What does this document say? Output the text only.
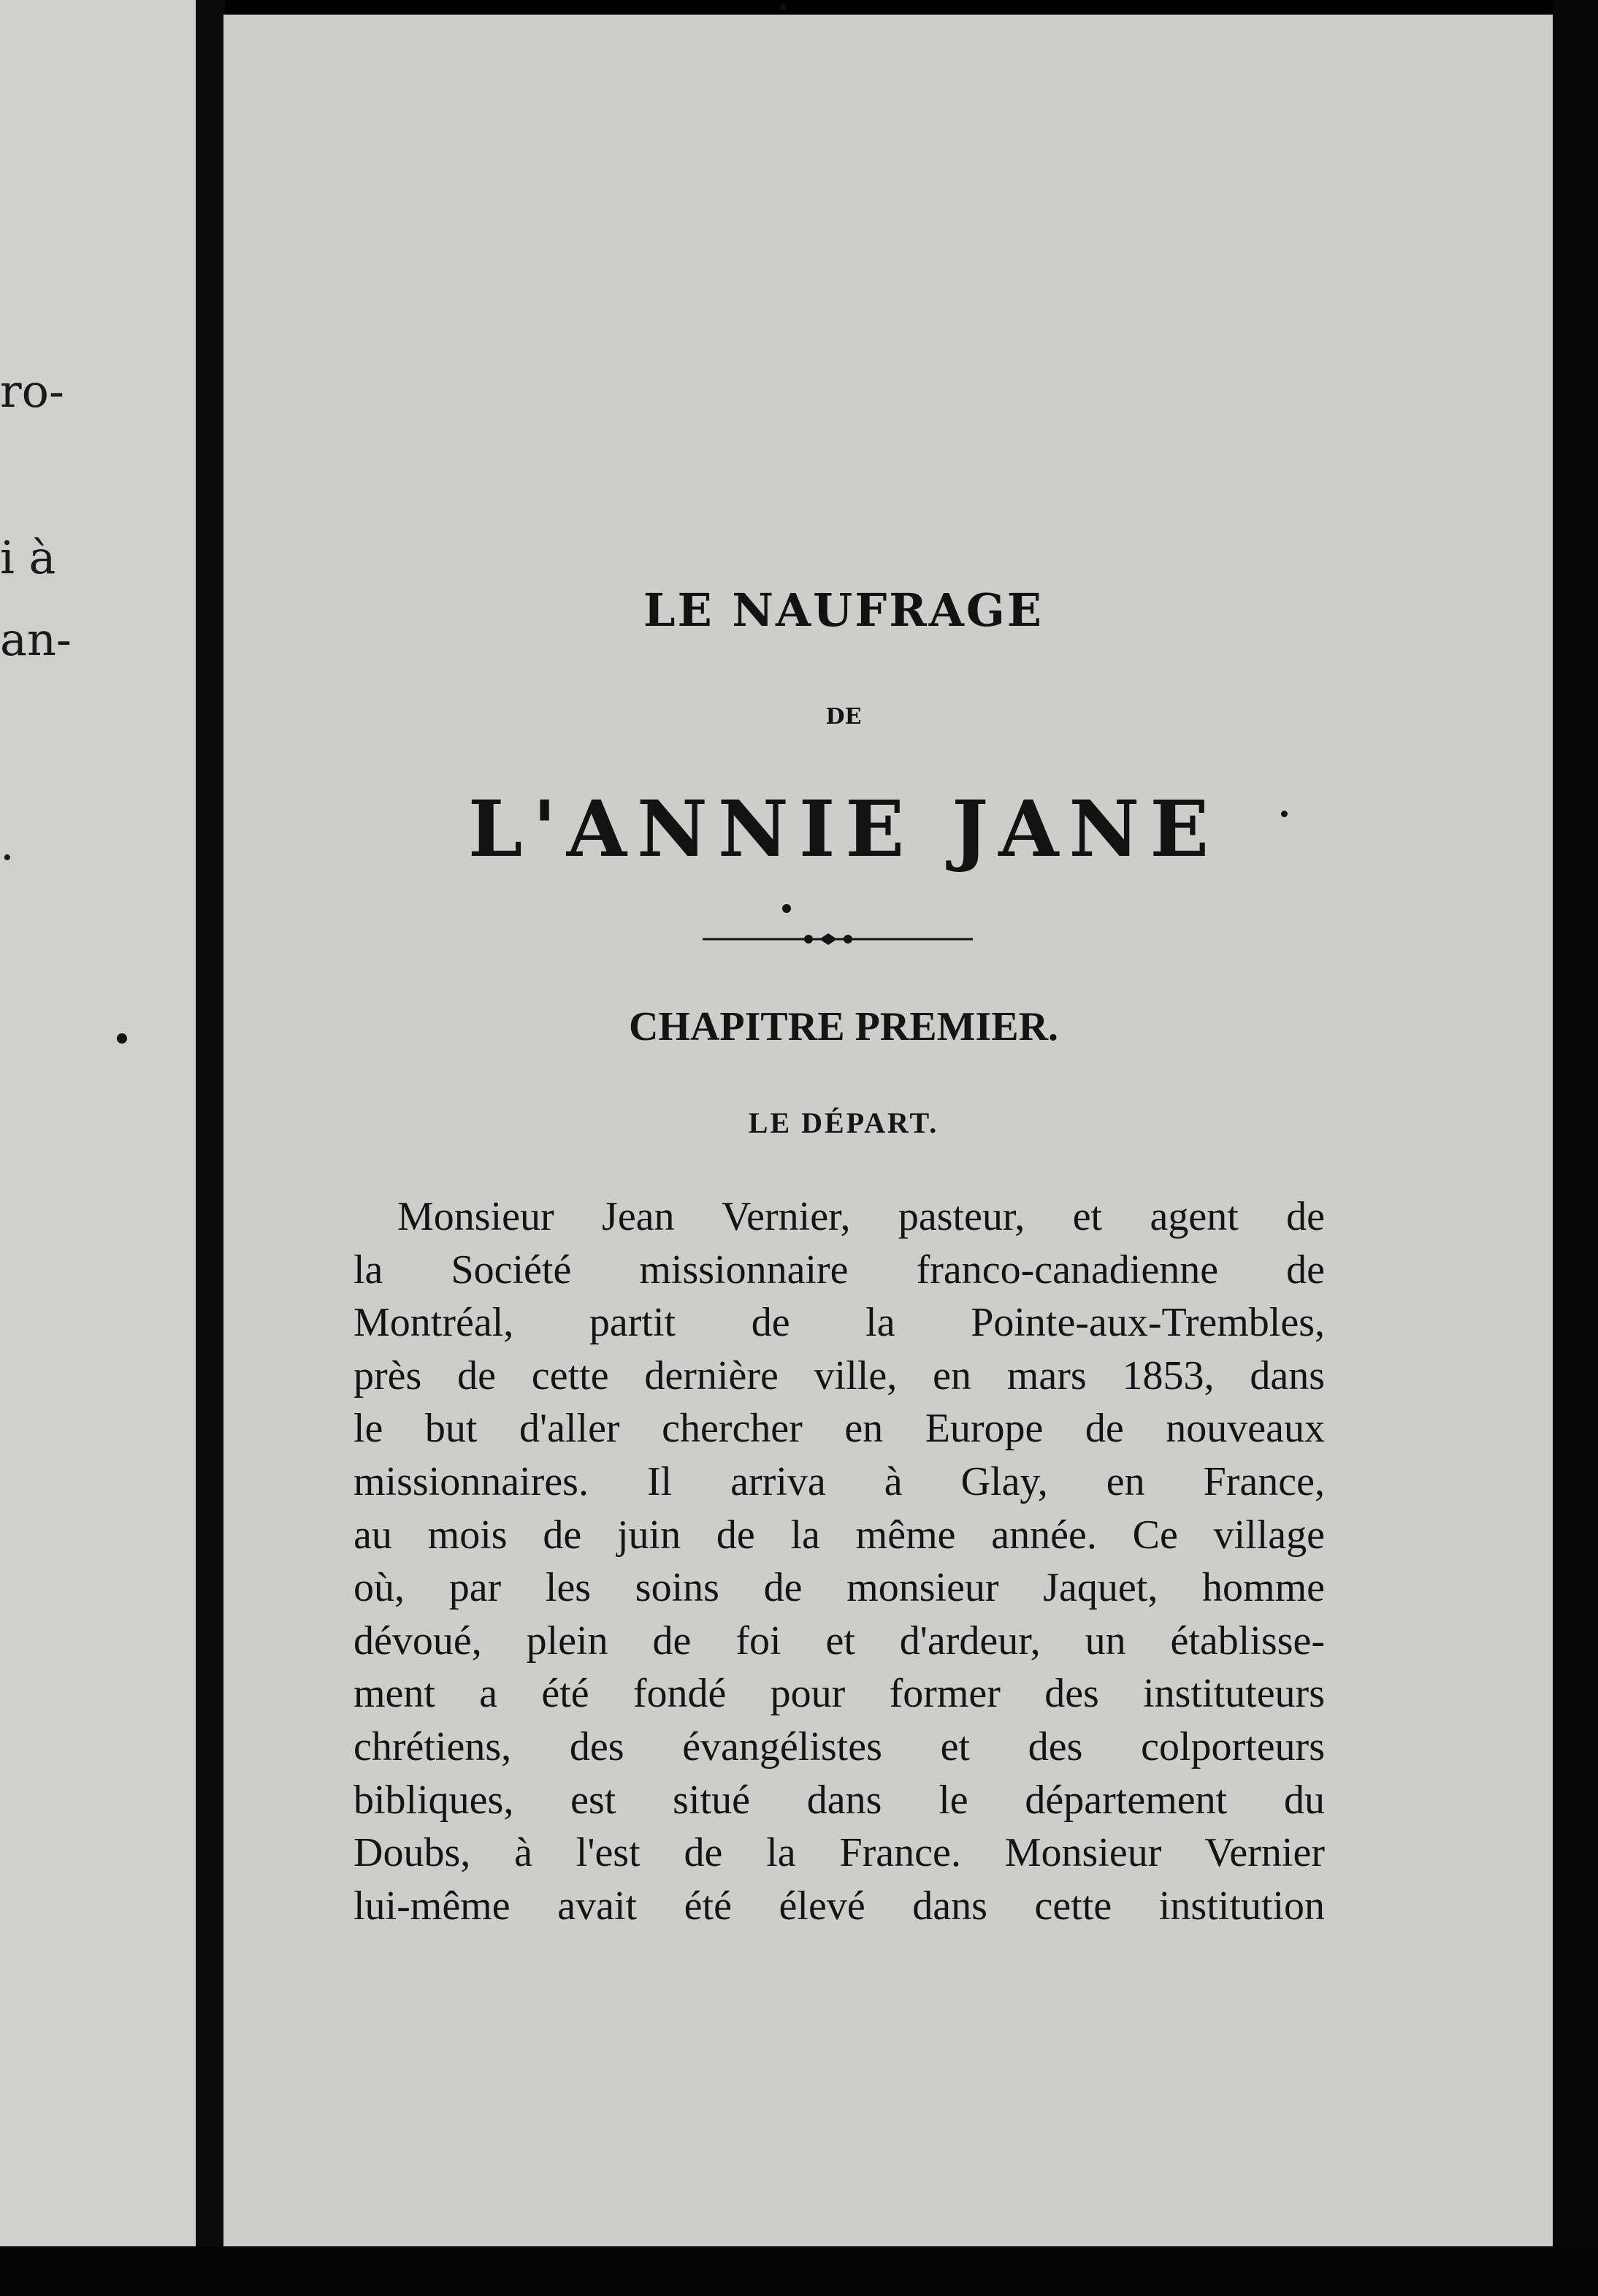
ro-
i à
an-
.
LE NAUFRAGE
DE
L'ANNIE JANE
CHAPITRE PREMIER.
LE DÉPART.
Monsieur Jean Vernier, pasteur, et agent de
la Société missionnaire franco-canadienne de
Montréal, partit de la Pointe-aux-Trembles,
près de cette dernière ville, en mars 1853, dans
le but d'aller chercher en Europe de nouveaux
missionnaires. Il arriva à Glay, en France,
au mois de juin de la même année. Ce village
où, par les soins de monsieur Jaquet, homme
dévoué, plein de foi et d'ardeur, un établisse-
ment a été fondé pour former des instituteurs
chrétiens, des évangélistes et des colporteurs
bibliques, est situé dans le département du
Doubs, à l'est de la France. Monsieur Vernier
lui-même avait été élevé dans cette institution
